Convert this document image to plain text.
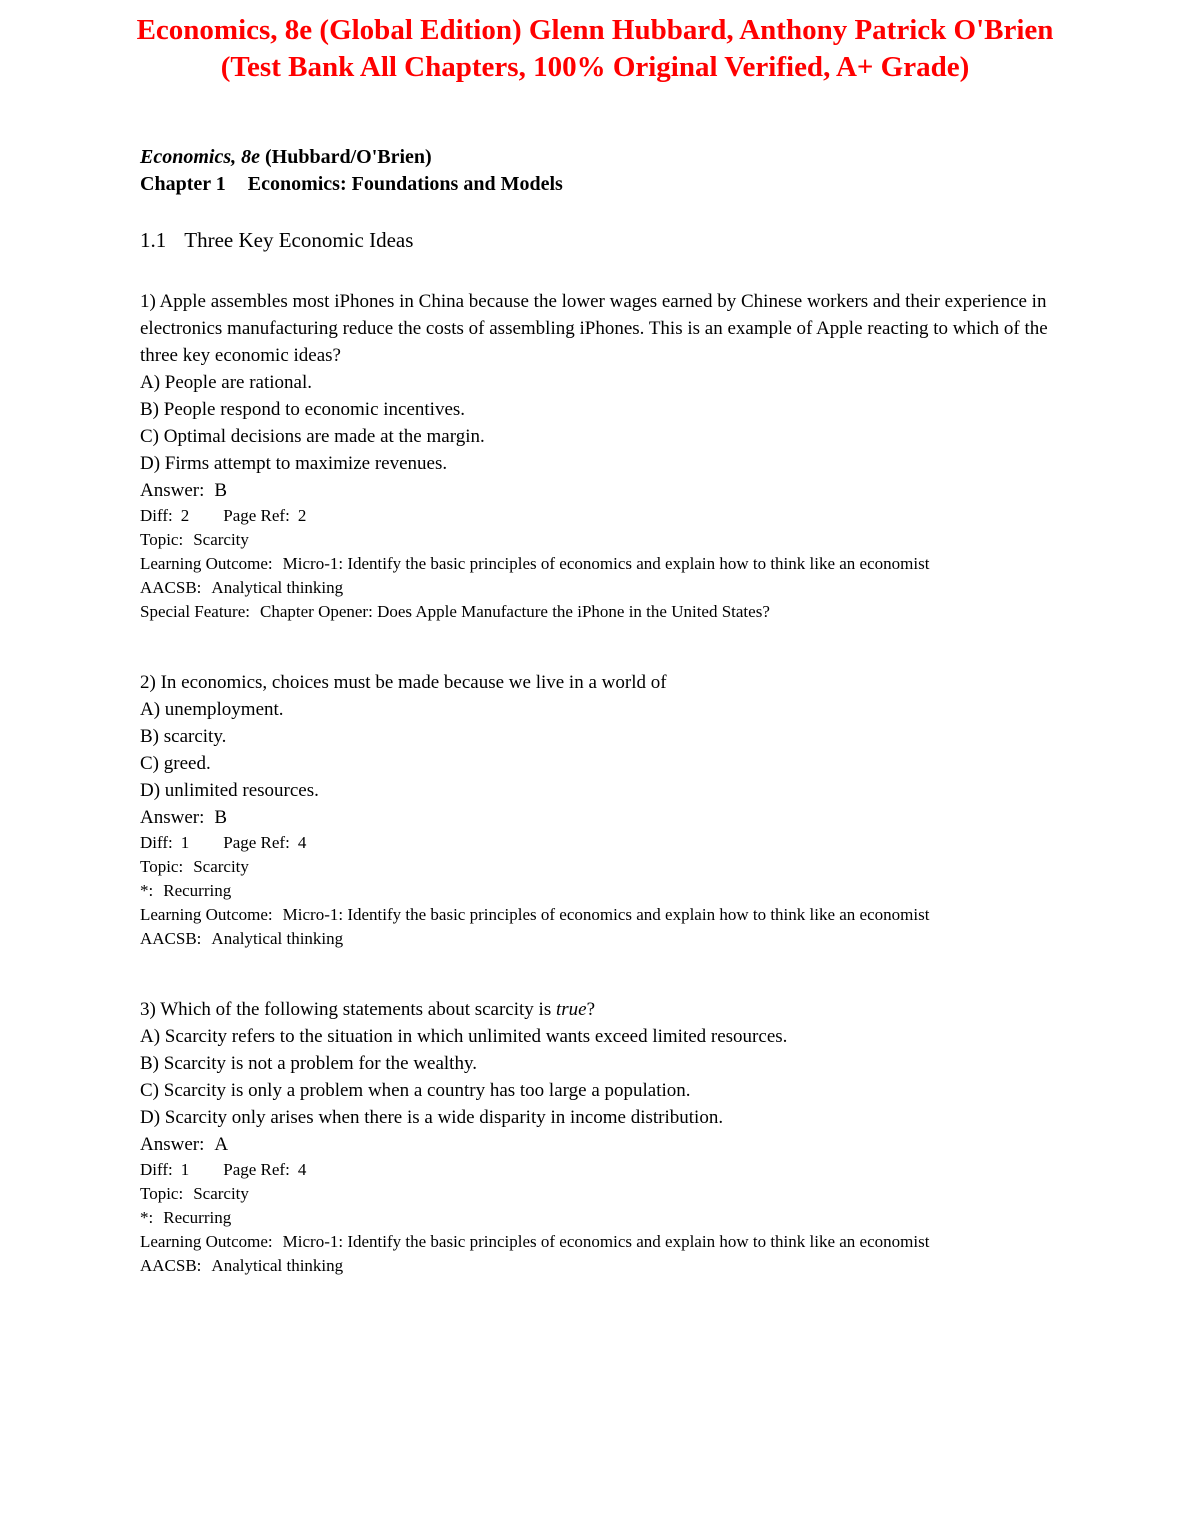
Economics, 8e (Global Edition) Glenn Hubbard, Anthony Patrick O'Brien
(Test Bank All Chapters, 100% Original Verified, A+ Grade)
Economics, 8e (Hubbard/O'Brien)
Chapter 1 Economics: Foundations and Models
1.1 Three Key Economic Ideas

1) Apple assembles most iPhones in China because the lower wages earned by Chinese workers and their experience in electronics manufacturing reduce the costs of assembling iPhones. This is an example of Apple reacting to which of the three key economic ideas?

A) People are rational.
B) People respond to economic incentives.
C) Optimal decisions are made at the margin.
D) Firms attempt to maximize revenues.
Answer: B
Diff: 2 Page Ref: 2
Topic: Scarcity
Learning Outcome: Micro-1: Identify the basic principles of economics and explain how to think like an economist
AACSB: Analytical thinking
Special Feature: Chapter Opener: Does Apple Manufacture the iPhone in the United States?

2) In economics, choices must be made because we live in a world of

A) unemployment.
B) scarcity.
C) greed.
D) unlimited resources.
Answer: B
Diff: 1 Page Ref: 4
Topic: Scarcity
*: Recurring
Learning Outcome: Micro-1: Identify the basic principles of economics and explain how to think like an economist
AACSB: Analytical thinking

3) Which of the following statements about scarcity is true?

A) Scarcity refers to the situation in which unlimited wants exceed limited resources.
B) Scarcity is not a problem for the wealthy.
C) Scarcity is only a problem when a country has too large a population.
D) Scarcity only arises when there is a wide disparity in income distribution.
Answer: A
Diff: 1 Page Ref: 4
Topic: Scarcity
*: Recurring
Learning Outcome: Micro-1: Identify the basic principles of economics and explain how to think like an economist
AACSB: Analytical thinking
